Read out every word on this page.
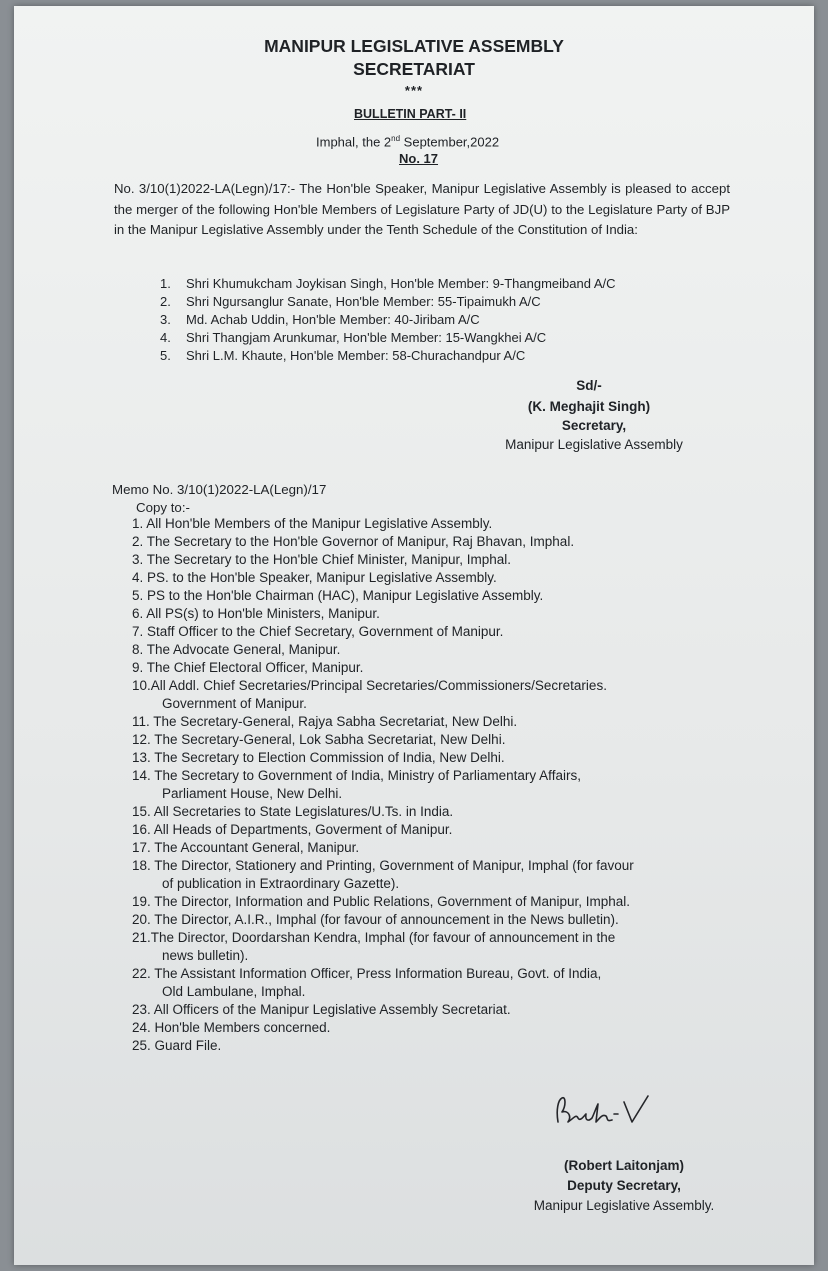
MANIPUR LEGISLATIVE ASSEMBLY
SECRETARIAT
***
BULLETIN PART- II
Imphal, the 2nd September,2022
No. 17
No. 3/10(1)2022-LA(Legn)/17:- The Hon'ble Speaker, Manipur Legislative Assembly is pleased to accept the merger of the following Hon'ble Members of Legislature Party of JD(U) to the Legislature Party of BJP in the Manipur Legislative Assembly under the Tenth Schedule of the Constitution of India:
1. Shri Khumukcham Joykisan Singh, Hon'ble Member: 9-Thangmeiband A/C
2. Shri Ngursanglur Sanate, Hon'ble Member: 55-Tipaimukh A/C
3. Md. Achab Uddin, Hon'ble Member: 40-Jiribam A/C
4. Shri Thangjam Arunkumar, Hon'ble Member: 15-Wangkhei A/C
5. Shri L.M. Khaute, Hon'ble Member: 58-Churachandpur A/C
Sd/-
(K. Meghajit Singh)
Secretary,
Manipur Legislative Assembly
Memo No. 3/10(1)2022-LA(Legn)/17
Copy to:-
1. All Hon'ble Members of the Manipur Legislative Assembly.
2. The Secretary to the Hon'ble Governor of Manipur, Raj Bhavan, Imphal.
3. The Secretary to the Hon'ble Chief Minister, Manipur, Imphal.
4. PS. to the Hon'ble Speaker, Manipur Legislative Assembly.
5. PS to the Hon'ble Chairman (HAC), Manipur Legislative Assembly.
6. All PS(s) to Hon'ble Ministers, Manipur.
7. Staff Officer to the Chief Secretary, Government of Manipur.
8. The Advocate General, Manipur.
9. The Chief Electoral Officer, Manipur.
10.All Addl. Chief Secretaries/Principal Secretaries/Commissioners/Secretaries.
Government of Manipur.
11. The Secretary-General, Rajya Sabha Secretariat, New Delhi.
12. The Secretary-General, Lok Sabha Secretariat, New Delhi.
13. The Secretary to Election Commission of India, New Delhi.
14. The Secretary to Government of India, Ministry of Parliamentary Affairs,
Parliament House, New Delhi.
15. All Secretaries to State Legislatures/U.Ts. in India.
16. All Heads of Departments, Goverment of Manipur.
17. The Accountant General, Manipur.
18. The Director, Stationery and Printing, Government of Manipur, Imphal (for favour
of publication in Extraordinary Gazette).
19. The Director, Information and Public Relations, Government of Manipur, Imphal.
20. The Director, A.I.R., Imphal (for favour of announcement in the News bulletin).
21.The Director, Doordarshan Kendra, Imphal (for favour of announcement in the
news bulletin).
22. The Assistant Information Officer, Press Information Bureau, Govt. of India,
Old Lambulane, Imphal.
23. All Officers of the Manipur Legislative Assembly Secretariat.
24. Hon'ble Members concerned.
25. Guard File.
(Robert Laitonjam)
Deputy Secretary,
Manipur Legislative Assembly.
